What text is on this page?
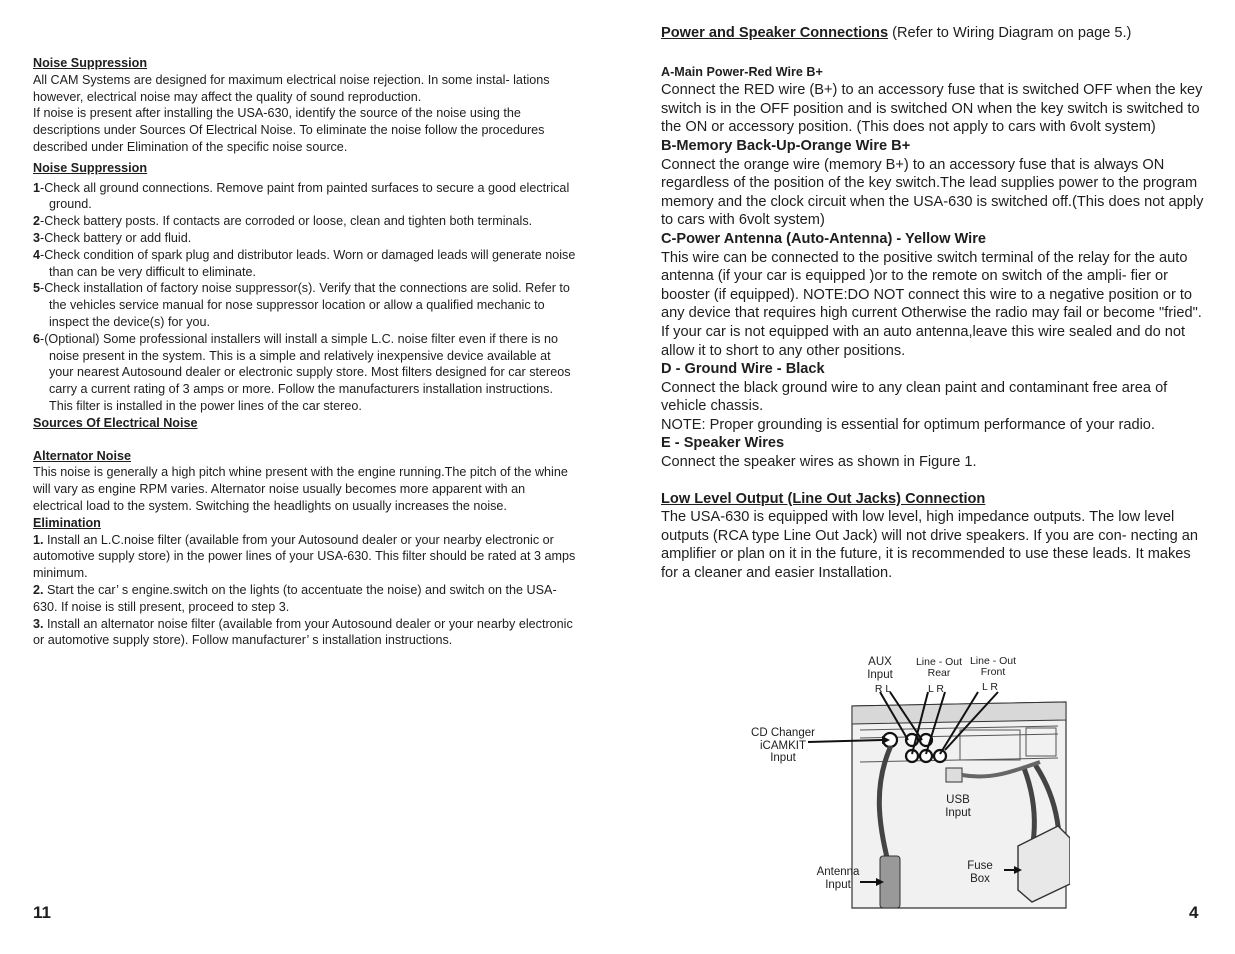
Noise Suppression

All CAM Systems are designed for maximum electrical noise rejection. In some instal- lations however, electrical noise may affect the quality of sound reproduction.

If noise is present after installing the USA-630, identify the source of the noise using the descriptions under Sources Of Electrical Noise. To eliminate the noise follow the procedures described under Elimination of the specific noise source.

Noise Suppression

1-Check all ground connections. Remove paint from painted surfaces to secure a good electrical ground.
2-Check battery posts. If contacts are corroded or loose, clean and tighten both terminals.
3-Check battery or add fluid.
4-Check condition of spark plug and distributor leads. Worn or damaged leads will generate noise than can be very difficult to eliminate.
5-Check installation of factory noise suppressor(s). Verify that the connections are solid. Refer to the vehicles service manual for nose suppressor location or allow a qualified mechanic to inspect the device(s) for you.
6-(Optional) Some professional installers will install a simple L.C. noise filter even if there is no noise present in the system. This is a simple and relatively inexpensive device available at your nearest Autosound dealer or electronic supply store. Most filters designed for car stereos carry a current rating of 3 amps or more. Follow the manufacturers installation instructions. This filter is installed in the power lines of the car stereo.

Sources Of Electrical Noise

Alternator Noise

This noise is generally a high pitch whine present with the engine running.The pitch of the whine will vary as engine RPM varies. Alternator noise usually becomes more apparent with an electrical load to the system. Switching the headlights on usually increases the noise.

Elimination

1. Install an L.C.noise filter (available from your Autosound dealer or your nearby electronic or automotive supply store) in the power lines of your USA-630. This filter should be rated at 3 amps minimum.
2. Start the car’ s engine.switch on the lights (to accentuate the noise) and switch on the USA-630. If noise is still present, proceed to step 3.
3. Install an alternator noise filter (available from your Autosound dealer or your nearby electronic or automotive supply store). Follow manufacturer’ s installation instructions.
11

Power and Speaker Connections (Refer to Wiring Diagram on page 5.)

A-Main Power-Red Wire B+

Connect the RED wire (B+) to an accessory fuse that is switched OFF when the key switch is in the OFF position and is switched ON when the key switch is switched to the ON or accessory position. (This does not apply to cars with 6volt system)

B-Memory Back-Up-Orange Wire B+

Connect the orange wire (memory B+) to an accessory fuse that is always ON regardless of the position of the key switch.The lead supplies power to the program memory and the clock circuit when the USA-630 is switched off.(This does not apply to cars with 6volt system)

C-Power Antenna (Auto-Antenna) - Yellow Wire

This wire can be connected to the positive switch terminal of the relay for the auto antenna (if your car is equipped )or to the remote on switch of the ampli- fier or booster (if equipped). NOTE:DO NOT connect this wire to a negative position or to any device that requires high current Otherwise the radio may fail or become "fried". If your car is not equipped with an auto antenna,leave this wire sealed and do not allow it to short to any other positions.

D - Ground Wire - Black

Connect the black ground wire to any clean paint and contaminant free area of vehicle chassis.

NOTE: Proper grounding is essential for optimum performance of your radio.

E - Speaker Wires

Connect the speaker wires as shown in Figure 1.

Low Level Output (Line Out Jacks) Connection

The USA-630 is equipped with low level, high impedance outputs. The low level outputs (RCA type Line Out Jack) will not drive speakers. If you are con- necting an amplifier or plan on it in the future, it is recommended to use these leads. It makes for a cleaner and easier Installation.

AUX
Input
R L
Line - Out
Rear
L R
Line - Out
Front
L R
CD Changer
iCAMKIT
Input
USB
Input
Fuse
Box
Antenna
Input
4
